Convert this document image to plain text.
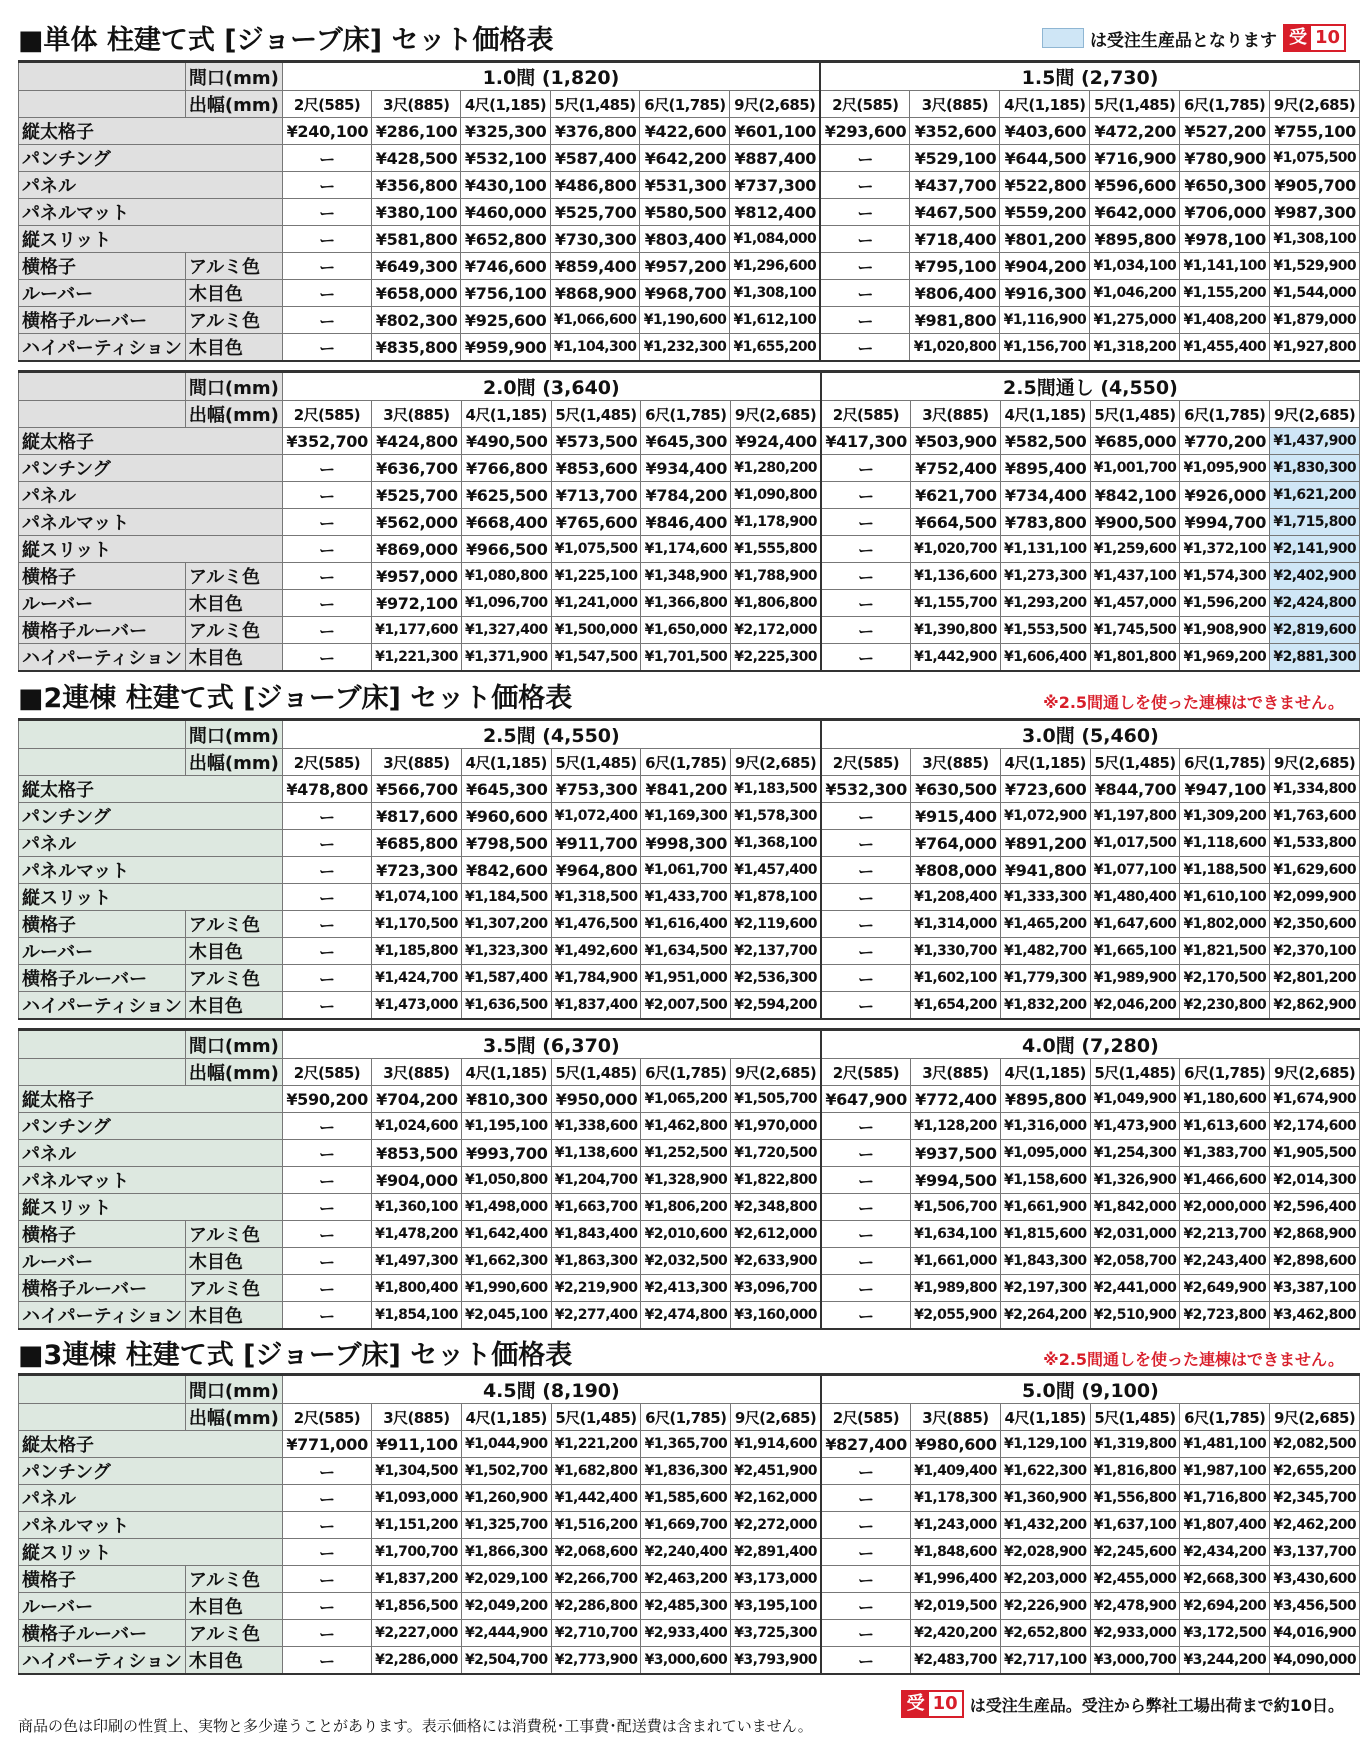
は受注生産品となります 受 10
■単体 柱建て式 [ジョーブ床] セット価格表
■2連棟 柱建て式 [ジョーブ床] セット価格表	※2.5間通しを使った連棟はできません。
■3連棟 柱建て式 [ジョーブ床] セット価格表	※2.5間通しを使った連棟はできません。
	間口(mm)	1.0間 (1,820)						1.5間 (2,730)					
	出幅(mm)	2尺(585)	3尺(885)	4尺(1,185)	5尺(1,485)	6尺(1,785)	9尺(2,685)	2尺(585)	3尺(885)	4尺(1,185)	5尺(1,485)	6尺(1,785)	9尺(2,685)
縦太格子		¥240,100	¥286,100	¥325,300	¥376,800	¥422,600	¥601,100	¥293,600	¥352,600	¥403,600	¥472,200	¥527,200	¥755,100
パンチング		ー	¥428,500	¥532,100	¥587,400	¥642,200	¥887,400	ー	¥529,100	¥644,500	¥716,900	¥780,900	¥1,075,500
パネル		ー	¥356,800	¥430,100	¥486,800	¥531,300	¥737,300	ー	¥437,700	¥522,800	¥596,600	¥650,300	¥905,700
パネルマット		ー	¥380,100	¥460,000	¥525,700	¥580,500	¥812,400	ー	¥467,500	¥559,200	¥642,000	¥706,000	¥987,300
縦スリット		ー	¥581,800	¥652,800	¥730,300	¥803,400	¥1,084,000	ー	¥718,400	¥801,200	¥895,800	¥978,100	¥1,308,100
横格子	アルミ色	ー	¥649,300	¥746,600	¥859,400	¥957,200	¥1,296,600	ー	¥795,100	¥904,200	¥1,034,100	¥1,141,100	¥1,529,900
ルーバー	木目色	ー	¥658,000	¥756,100	¥868,900	¥968,700	¥1,308,100	ー	¥806,400	¥916,300	¥1,046,200	¥1,155,200	¥1,544,000
横格子ルーバー	アルミ色	ー	¥802,300	¥925,600	¥1,066,600	¥1,190,600	¥1,612,100	ー	¥981,800	¥1,116,900	¥1,275,000	¥1,408,200	¥1,879,000
ハイパーティション	木目色	ー	¥835,800	¥959,900	¥1,104,300	¥1,232,300	¥1,655,200	ー	¥1,020,800	¥1,156,700	¥1,318,200	¥1,455,400	¥1,927,800
	間口(mm)	2.0間 (3,640)						2.5間通し (4,550)					
	出幅(mm)	2尺(585)	3尺(885)	4尺(1,185)	5尺(1,485)	6尺(1,785)	9尺(2,685)	2尺(585)	3尺(885)	4尺(1,185)	5尺(1,485)	6尺(1,785)	9尺(2,685)
縦太格子		¥352,700	¥424,800	¥490,500	¥573,500	¥645,300	¥924,400	¥417,300	¥503,900	¥582,500	¥685,000	¥770,200	¥1,437,900
パンチング		ー	¥636,700	¥766,800	¥853,600	¥934,400	¥1,280,200	ー	¥752,400	¥895,400	¥1,001,700	¥1,095,900	¥1,830,300
パネル		ー	¥525,700	¥625,500	¥713,700	¥784,200	¥1,090,800	ー	¥621,700	¥734,400	¥842,100	¥926,000	¥1,621,200
パネルマット		ー	¥562,000	¥668,400	¥765,600	¥846,400	¥1,178,900	ー	¥664,500	¥783,800	¥900,500	¥994,700	¥1,715,800
縦スリット		ー	¥869,000	¥966,500	¥1,075,500	¥1,174,600	¥1,555,800	ー	¥1,020,700	¥1,131,100	¥1,259,600	¥1,372,100	¥2,141,900
横格子	アルミ色	ー	¥957,000	¥1,080,800	¥1,225,100	¥1,348,900	¥1,788,900	ー	¥1,136,600	¥1,273,300	¥1,437,100	¥1,574,300	¥2,402,900
ルーバー	木目色	ー	¥972,100	¥1,096,700	¥1,241,000	¥1,366,800	¥1,806,800	ー	¥1,155,700	¥1,293,200	¥1,457,000	¥1,596,200	¥2,424,800
横格子ルーバー	アルミ色	ー	¥1,177,600	¥1,327,400	¥1,500,000	¥1,650,000	¥2,172,000	ー	¥1,390,800	¥1,553,500	¥1,745,500	¥1,908,900	¥2,819,600
ハイパーティション	木目色	ー	¥1,221,300	¥1,371,900	¥1,547,500	¥1,701,500	¥2,225,300	ー	¥1,442,900	¥1,606,400	¥1,801,800	¥1,969,200	¥2,881,300
	間口(mm)	2.5間 (4,550)						3.0間 (5,460)					
	出幅(mm)	2尺(585)	3尺(885)	4尺(1,185)	5尺(1,485)	6尺(1,785)	9尺(2,685)	2尺(585)	3尺(885)	4尺(1,185)	5尺(1,485)	6尺(1,785)	9尺(2,685)
縦太格子		¥478,800	¥566,700	¥645,300	¥753,300	¥841,200	¥1,183,500	¥532,300	¥630,500	¥723,600	¥844,700	¥947,100	¥1,334,800
パンチング		ー	¥817,600	¥960,600	¥1,072,400	¥1,169,300	¥1,578,300	ー	¥915,400	¥1,072,900	¥1,197,800	¥1,309,200	¥1,763,600
パネル		ー	¥685,800	¥798,500	¥911,700	¥998,300	¥1,368,100	ー	¥764,000	¥891,200	¥1,017,500	¥1,118,600	¥1,533,800
パネルマット		ー	¥723,300	¥842,600	¥964,800	¥1,061,700	¥1,457,400	ー	¥808,000	¥941,800	¥1,077,100	¥1,188,500	¥1,629,600
縦スリット		ー	¥1,074,100	¥1,184,500	¥1,318,500	¥1,433,700	¥1,878,100	ー	¥1,208,400	¥1,333,300	¥1,480,400	¥1,610,100	¥2,099,900
横格子	アルミ色	ー	¥1,170,500	¥1,307,200	¥1,476,500	¥1,616,400	¥2,119,600	ー	¥1,314,000	¥1,465,200	¥1,647,600	¥1,802,000	¥2,350,600
ルーバー	木目色	ー	¥1,185,800	¥1,323,300	¥1,492,600	¥1,634,500	¥2,137,700	ー	¥1,330,700	¥1,482,700	¥1,665,100	¥1,821,500	¥2,370,100
横格子ルーバー	アルミ色	ー	¥1,424,700	¥1,587,400	¥1,784,900	¥1,951,000	¥2,536,300	ー	¥1,602,100	¥1,779,300	¥1,989,900	¥2,170,500	¥2,801,200
ハイパーティション	木目色	ー	¥1,473,000	¥1,636,500	¥1,837,400	¥2,007,500	¥2,594,200	ー	¥1,654,200	¥1,832,200	¥2,046,200	¥2,230,800	¥2,862,900
	間口(mm)	3.5間 (6,370)						4.0間 (7,280)					
	出幅(mm)	2尺(585)	3尺(885)	4尺(1,185)	5尺(1,485)	6尺(1,785)	9尺(2,685)	2尺(585)	3尺(885)	4尺(1,185)	5尺(1,485)	6尺(1,785)	9尺(2,685)
縦太格子		¥590,200	¥704,200	¥810,300	¥950,000	¥1,065,200	¥1,505,700	¥647,900	¥772,400	¥895,800	¥1,049,900	¥1,180,600	¥1,674,900
パンチング		ー	¥1,024,600	¥1,195,100	¥1,338,600	¥1,462,800	¥1,970,000	ー	¥1,128,200	¥1,316,000	¥1,473,900	¥1,613,600	¥2,174,600
パネル		ー	¥853,500	¥993,700	¥1,138,600	¥1,252,500	¥1,720,500	ー	¥937,500	¥1,095,000	¥1,254,300	¥1,383,700	¥1,905,500
パネルマット		ー	¥904,000	¥1,050,800	¥1,204,700	¥1,328,900	¥1,822,800	ー	¥994,500	¥1,158,600	¥1,326,900	¥1,466,600	¥2,014,300
縦スリット		ー	¥1,360,100	¥1,498,000	¥1,663,700	¥1,806,200	¥2,348,800	ー	¥1,506,700	¥1,661,900	¥1,842,000	¥2,000,000	¥2,596,400
横格子	アルミ色	ー	¥1,478,200	¥1,642,400	¥1,843,400	¥2,010,600	¥2,612,000	ー	¥1,634,100	¥1,815,600	¥2,031,000	¥2,213,700	¥2,868,900
ルーバー	木目色	ー	¥1,497,300	¥1,662,300	¥1,863,300	¥2,032,500	¥2,633,900	ー	¥1,661,000	¥1,843,300	¥2,058,700	¥2,243,400	¥2,898,600
横格子ルーバー	アルミ色	ー	¥1,800,400	¥1,990,600	¥2,219,900	¥2,413,300	¥3,096,700	ー	¥1,989,800	¥2,197,300	¥2,441,000	¥2,649,900	¥3,387,100
ハイパーティション	木目色	ー	¥1,854,100	¥2,045,100	¥2,277,400	¥2,474,800	¥3,160,000	ー	¥2,055,900	¥2,264,200	¥2,510,900	¥2,723,800	¥3,462,800
	間口(mm)	4.5間 (8,190)						5.0間 (9,100)					
	出幅(mm)	2尺(585)	3尺(885)	4尺(1,185)	5尺(1,485)	6尺(1,785)	9尺(2,685)	2尺(585)	3尺(885)	4尺(1,185)	5尺(1,485)	6尺(1,785)	9尺(2,685)
縦太格子		¥771,000	¥911,100	¥1,044,900	¥1,221,200	¥1,365,700	¥1,914,600	¥827,400	¥980,600	¥1,129,100	¥1,319,800	¥1,481,100	¥2,082,500
パンチング		ー	¥1,304,500	¥1,502,700	¥1,682,800	¥1,836,300	¥2,451,900	ー	¥1,409,400	¥1,622,300	¥1,816,800	¥1,987,100	¥2,655,200
パネル		ー	¥1,093,000	¥1,260,900	¥1,442,400	¥1,585,600	¥2,162,000	ー	¥1,178,300	¥1,360,900	¥1,556,800	¥1,716,800	¥2,345,700
パネルマット		ー	¥1,151,200	¥1,325,700	¥1,516,200	¥1,669,700	¥2,272,000	ー	¥1,243,000	¥1,432,200	¥1,637,100	¥1,807,400	¥2,462,200
縦スリット		ー	¥1,700,700	¥1,866,300	¥2,068,600	¥2,240,400	¥2,891,400	ー	¥1,848,600	¥2,028,900	¥2,245,600	¥2,434,200	¥3,137,700
横格子	アルミ色	ー	¥1,837,200	¥2,029,100	¥2,266,700	¥2,463,200	¥3,173,000	ー	¥1,996,400	¥2,203,000	¥2,455,000	¥2,668,300	¥3,430,600
ルーバー	木目色	ー	¥1,856,500	¥2,049,200	¥2,286,800	¥2,485,300	¥3,195,100	ー	¥2,019,500	¥2,226,900	¥2,478,900	¥2,694,200	¥3,456,500
横格子ルーバー	アルミ色	ー	¥2,227,000	¥2,444,900	¥2,710,700	¥2,933,400	¥3,725,300	ー	¥2,420,200	¥2,652,800	¥2,933,000	¥3,172,500	¥4,016,900
ハイパーティション	木目色	ー	¥2,286,000	¥2,504,700	¥2,773,900	¥3,000,600	¥3,793,900	ー	¥2,483,700	¥2,717,100	¥3,000,700	¥3,244,200	¥4,090,000
受 10 は受注生産品。受注から弊社工場出荷まで約10日。
商品の色は印刷の性質上、実物と多少違うことがあります。表示価格には消費税･工事費･配送費は含まれていません。
